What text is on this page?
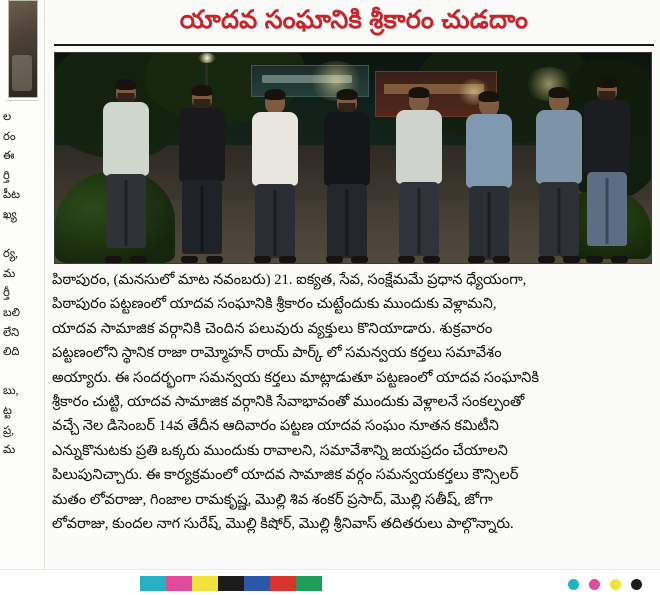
ల
రం
ఈ
ర్తి
పీట
ఖ్య
ర్య,
మ
ర్తీ
బలి
లేని
లిది
బు,
ట్ట
ప్ర,
మ
యాదవ సంఘానికి శ్రీకారం చుడదాం
పిఠాపురం, (మనసులో మాట నవంబరు) 21. ఐక్యత, సేవ, సంక్షేమమే ప్రధాన ధ్యేయంగా,
పిఠాపురం పట్టణంలో యాదవ సంఘానికి శ్రీకారం చుట్టేందుకు ముందుకు వెళ్లామని,
యాదవ సామాజిక వర్గానికి చెందిన పలువురు వ్యక్తులు కొనియాడారు. శుక్రవారం
పట్టణంలోని స్థానిక రాజా రామ్మోహన్ రాయ్ పార్క్ లో సమన్వయ కర్తలు సమావేశం
అయ్యారు. ఈ సందర్భంగా సమన్వయ కర్తలు మాట్లాడుతూ పట్టణంలో యాదవ సంఘానికి
శ్రీకారం చుట్టి, యాదవ సామాజిక వర్గానికి సేవాభావంతో ముందుకు వెళ్లాలనే సంకల్పంతో
వచ్చే నెల డిసెంబర్ 14వ తేదీన ఆదివారం పట్టణ యాదవ సంఘం నూతన కమిటీని
ఎన్నుకొనుటకు ప్రతి ఒక్కరు ముందుకు రావాలని, సమావేశాన్ని జయప్రదం చేయాలని
పిలుపునిచ్చారు. ఈ కార్యక్రమంలో యాదవ సామాజిక వర్గం సమన్వయకర్తలు కౌన్సిలర్
మతం లోవరాజు, గింజాల రామకృష్ణ, మొల్లి శివ శంకర్ ప్రసాద్, మొల్లి సతీష్, జోగా
లోవరాజు, కుందల నాగ సురేష్, మొల్లి కిషోర్, మొల్లి శ్రీనివాస్ తదితరులు పాల్గొన్నారు.
